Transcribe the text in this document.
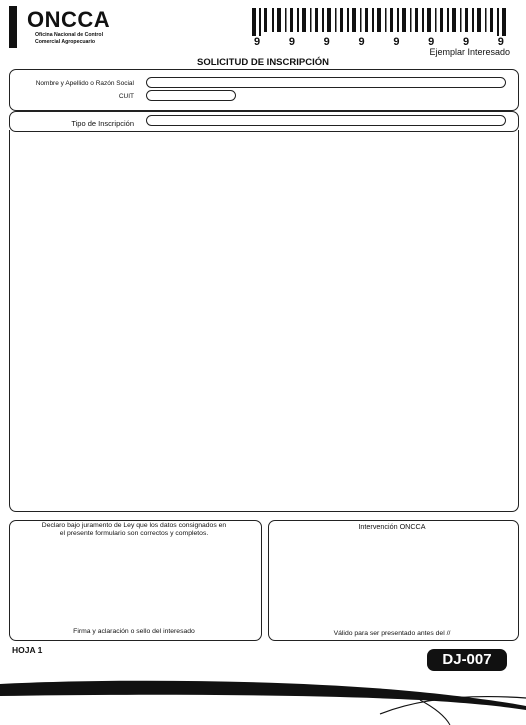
ONCCA
Oficina Nacional de Control
Comercial Agropecuario	9	9	9	9	9	9	9	9
Ejemplar Interesado
SOLICITUD DE INSCRIPCIÓN
Nombre y Apellido o Razón Social
CUIT
Tipo de Inscripción
Declaro bajo juramento de Ley que los datos consignados en
el presente formulario son correctos y completos.
Firma y aclaración o sello del interesado
Intervención ONCCA
Válido para ser presentado antes del //
HOJA 1
DJ-007
